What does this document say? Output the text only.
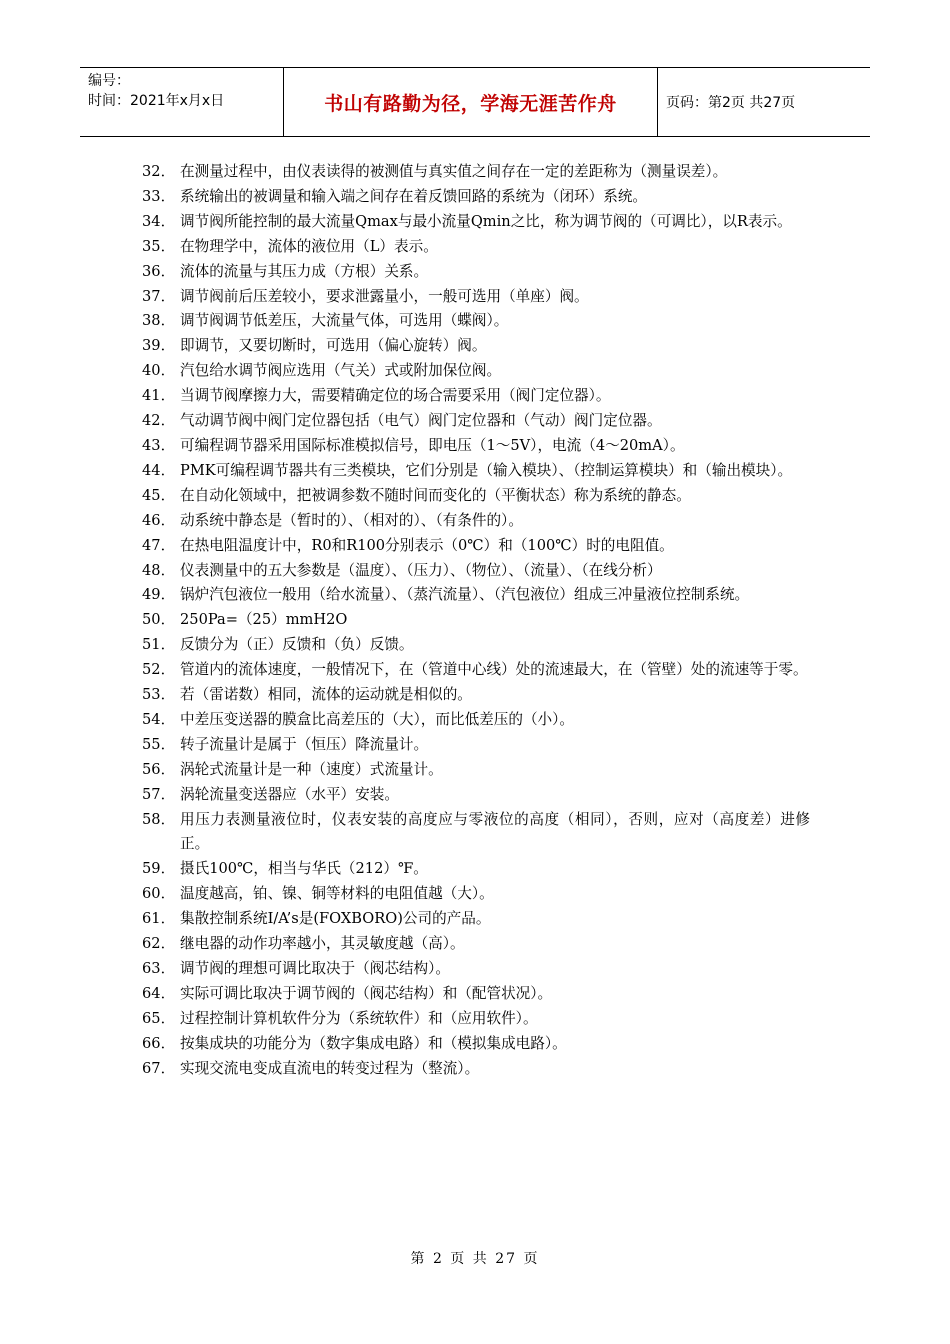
编号：
时间：2021年x月x日	书山有路勤为径，学海无涯苦作舟	页码：第2页 共27页
32． 在测量过程中，由仪表读得的被测值与真实值之间存在一定的差距称为（测量误差）。
33． 系统输出的被调量和输入端之间存在着反馈回路的系统为（闭环）系统。
34． 调节阀所能控制的最大流量Qmax与最小流量Qmin之比，称为调节阀的（可调比），以R表示。
35． 在物理学中，流体的液位用（L）表示。
36． 流体的流量与其压力成（方根）关系。
37． 调节阀前后压差较小，要求泄露量小，一般可选用（单座）阀。
38． 调节阀调节低差压，大流量气体，可选用（蝶阀）。
39． 即调节，又要切断时，可选用（偏心旋转）阀。
40． 汽包给水调节阀应选用（气关）式或附加保位阀。
41． 当调节阀摩擦力大，需要精确定位的场合需要采用（阀门定位器）。
42． 气动调节阀中阀门定位器包括（电气）阀门定位器和（气动）阀门定位器。
43． 可编程调节器采用国际标准模拟信号，即电压（1～5V），电流（4～20mA）。
44． PMK可编程调节器共有三类模块，它们分别是（输入模块）、（控制运算模块）和（输出模块）。
45． 在自动化领域中，把被调参数不随时间而变化的（平衡状态）称为系统的静态。
46． 动系统中静态是（暂时的）、（相对的）、（有条件的）。
47． 在热电阻温度计中，R0和R100分别表示（0℃）和（100℃）时的电阻值。
48． 仪表测量中的五大参数是（温度）、（压力）、（物位）、（流量）、（在线分析）
49． 锅炉汽包液位一般用（给水流量）、（蒸汽流量）、（汽包液位）组成三冲量液位控制系统。
50． 250Pa=（25）mmH2O
51． 反馈分为（正）反馈和（负）反馈。
52． 管道内的流体速度，一般情况下，在（管道中心线）处的流速最大，在（管壁）处的流速等于零。
53． 若（雷诺数）相同，流体的运动就是相似的。
54． 中差压变送器的膜盒比高差压的（大），而比低差压的（小）。
55． 转子流量计是属于（恒压）降流量计。
56． 涡轮式流量计是一种（速度）式流量计。
57． 涡轮流量变送器应（水平）安装。
58． 用压力表测量液位时，仪表安装的高度应与零液位的高度（相同），否则，应对（高度差）进修正。
59． 摄氏100℃，相当与华氏（212）℉。
60． 温度越高，铂、镍、铜等材料的电阻值越（大）。
61． 集散控制系统I/A’s是(FOXBORO)公司的产品。
62． 继电器的动作功率越小，其灵敏度越（高）。
63． 调节阀的理想可调比取决于（阀芯结构）。
64． 实际可调比取决于调节阀的（阀芯结构）和（配管状况）。
65． 过程控制计算机软件分为（系统软件）和（应用软件）。
66． 按集成块的功能分为（数字集成电路）和（模拟集成电路）。
67． 实现交流电变成直流电的转变过程为（整流）。
第 2 页 共 27 页
